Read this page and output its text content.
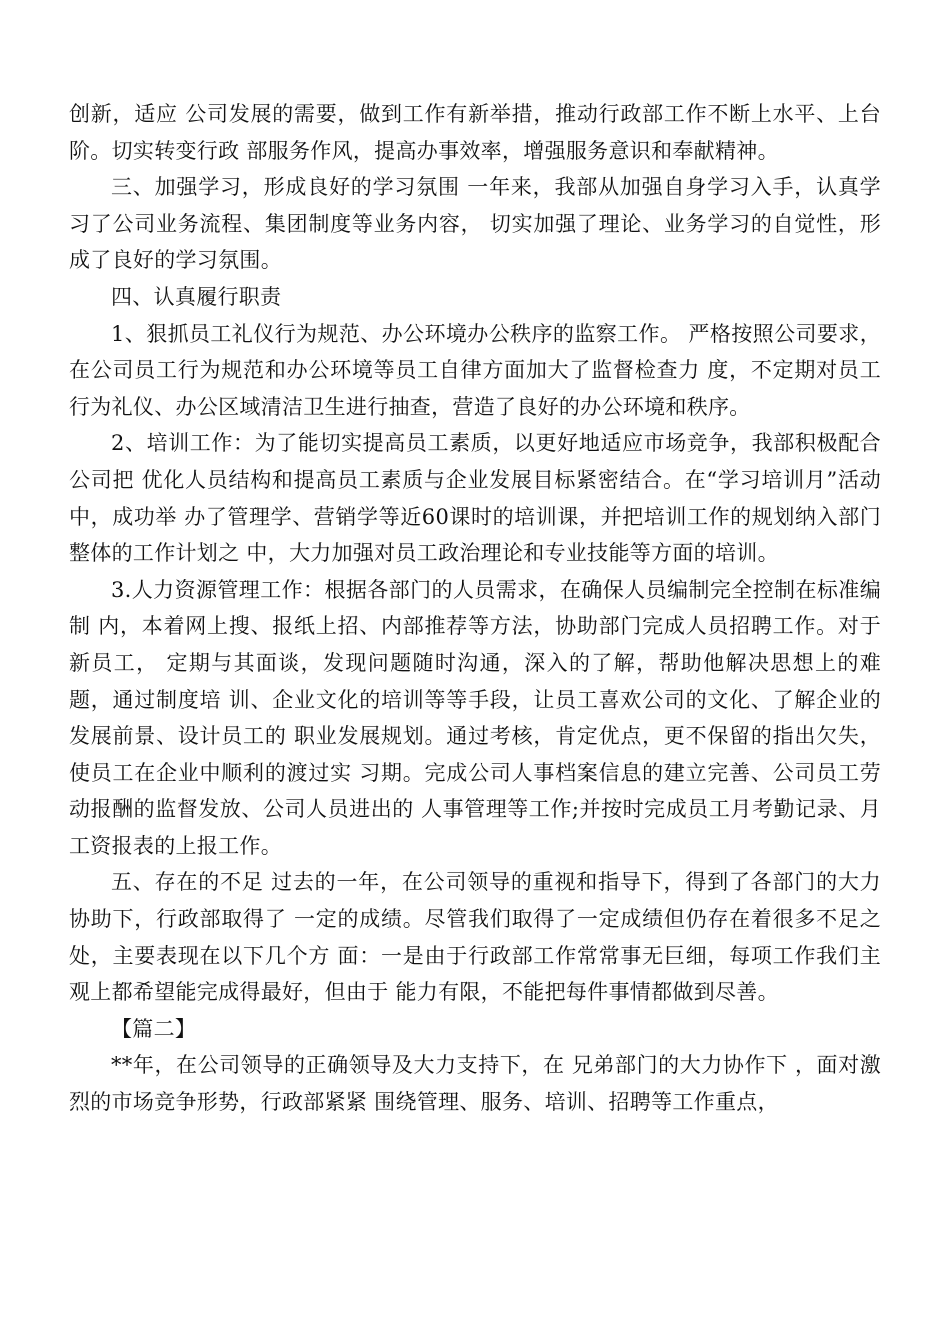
创新，适应 公司发展的需要，做到工作有新举措，推动行政部工作不断上水平、上台阶。切实转变行政 部服务作风，提高办事效率，增强服务意识和奉献精神。

三、加强学习，形成良好的学习氛围 一年来，我部从加强自身学习入手，认真学习了公司业务流程、集团制度等业务内容， 切实加强了理论、业务学习的自觉性，形成了良好的学习氛围。

四、认真履行职责

1、狠抓员工礼仪行为规范、办公环境办公秩序的监察工作。 严格按照公司要求，在公司员工行为规范和办公环境等员工自律方面加大了监督检查力 度，不定期对员工行为礼仪、办公区域清洁卫生进行抽查，营造了良好的办公环境和秩序。

2、培训工作：为了能切实提高员工素质，以更好地适应市场竞争，我部积极配合公司把 优化人员结构和提高员工素质与企业发展目标紧密结合。在“学习培训月”活动中，成功举 办了管理学、营销学等近60课时的培训课，并把培训工作的规划纳入部门整体的工作计划之 中，大力加强对员工政治理论和专业技能等方面的培训。

3.人力资源管理工作：根据各部门的人员需求，在确保人员编制完全控制在标准编制 内，本着网上搜、报纸上招、内部推荐等方法，协助部门完成人员招聘工作。对于新员工， 定期与其面谈，发现问题随时沟通，深入的了解，帮助他解决思想上的难题，通过制度培 训、企业文化的培训等等手段，让员工喜欢公司的文化、了解企业的发展前景、设计员工的 职业发展规划。通过考核，肯定优点，更不保留的指出欠失，使员工在企业中顺利的渡过实 习期。完成公司人事档案信息的建立完善、公司员工劳动报酬的监督发放、公司人员进出的 人事管理等工作;并按时完成员工月考勤记录、月工资报表的上报工作。

五、存在的不足 过去的一年，在公司领导的重视和指导下，得到了各部门的大力协助下，行政部取得了 一定的成绩。尽管我们取得了一定成绩但仍存在着很多不足之处，主要表现在以下几个方 面：一是由于行政部工作常常事无巨细，每项工作我们主观上都希望能完成得最好，但由于 能力有限，不能把每件事情都做到尽善。

【篇二】

**年，在公司领导的正确领导及大力支持下，在 兄弟部门的大力协作下 ，面对激烈的市场竞争形势，行政部紧紧 围绕管理、服务、培训、招聘等工作重点，
